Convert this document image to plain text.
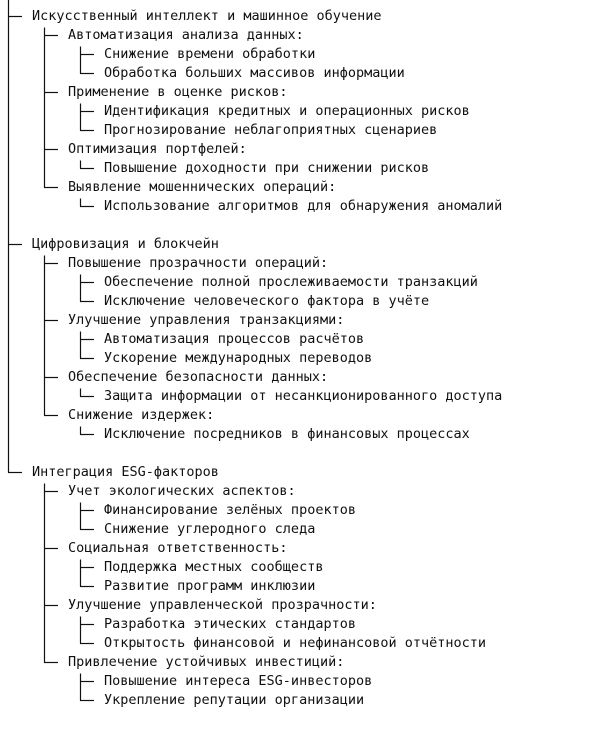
Искусственный интеллект и машинное обучение
Автоматизация анализа данных:
Снижение времени обработки
Обработка больших массивов информации
Применение в оценке рисков:
Идентификация кредитных и операционных рисков
Прогнозирование неблагоприятных сценариев
Оптимизация портфелей:
Повышение доходности при снижении рисков
Выявление мошеннических операций:
Использование алгоритмов для обнаружения аномалий
Цифровизация и блокчейн
Повышение прозрачности операций:
Обеспечение полной прослеживаемости транзакций
Исключение человеческого фактора в учёте
Улучшение управления транзакциями:
Автоматизация процессов расчётов
Ускорение международных переводов
Обеспечение безопасности данных:
Защита информации от несанкционированного доступа
Снижение издержек:
Исключение посредников в финансовых процессах
Интеграция ESG-факторов
Учет экологических аспектов:
Финансирование зелёных проектов
Снижение углеродного следа
Социальная ответственность:
Поддержка местных сообществ
Развитие программ инклюзии
Улучшение управленческой прозрачности:
Разработка этических стандартов
Открытость финансовой и нефинансовой отчётности
Привлечение устойчивых инвестиций:
Повышение интереса ESG-инвесторов
Укрепление репутации организации
